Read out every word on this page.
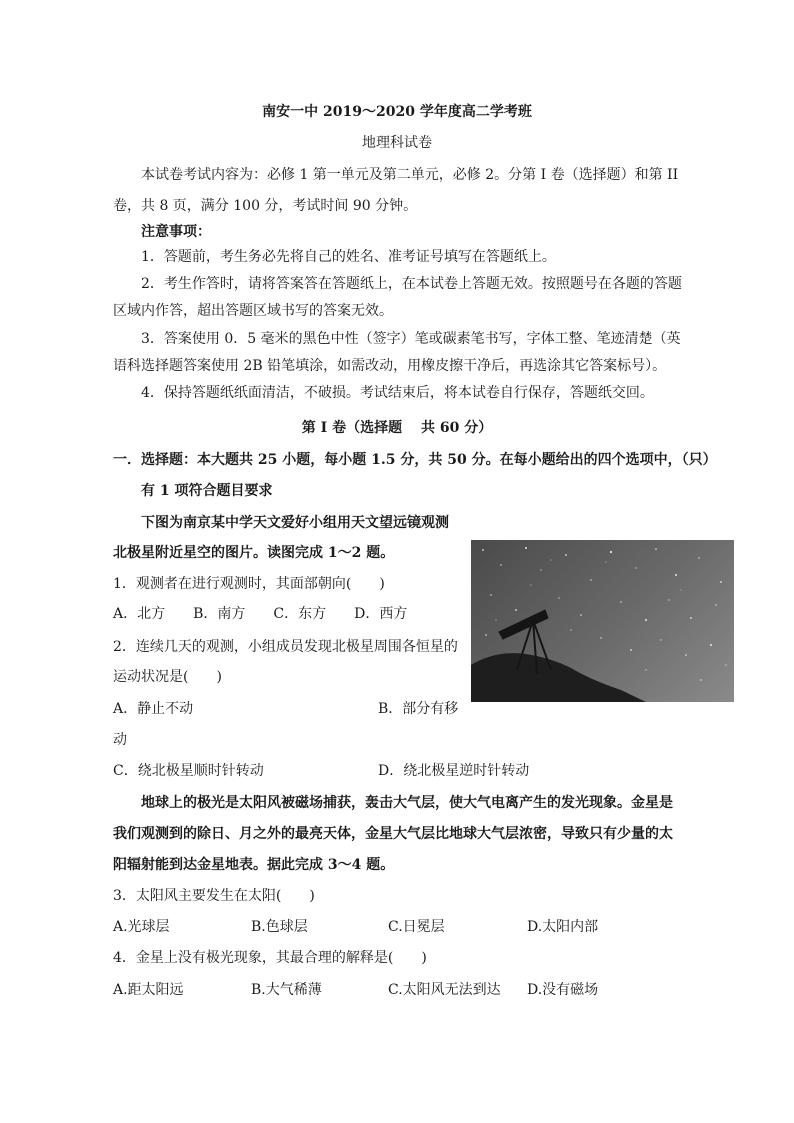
南安一中 2019～2020 学年度高二学考班
地理科试卷
本试卷考试内容为：必修 1 第一单元及第二单元，必修 2。分第 I 卷（选择题）和第 II
卷，共 8 页，满分 100 分，考试时间 90 分钟。
注意事项：
1．答题前，考生务必先将自己的姓名、准考证号填写在答题纸上。
2．考生作答时，请将答案答在答题纸上，在本试卷上答题无效。按照题号在各题的答题
区域内作答，超出答题区域书写的答案无效。
3．答案使用 0．5 毫米的黑色中性（签字）笔或碳素笔书写，字体工整、笔迹清楚（英
语科选择题答案使用 2B 铅笔填涂，如需改动，用橡皮擦干净后，再选涂其它答案标号）。
4．保持答题纸纸面清洁，不破损。考试结束后，将本试卷自行保存，答题纸交回。
第 I 卷（选择题　 共 60 分）
一．选择题：本大题共 25 小题，每小题 1.5 分，共 50 分。在每小题给出的四个选项中，（只）
有 1 项符合题目要求
下图为南京某中学天文爱好小组用天文望远镜观测
北极星附近星空的图片。读图完成 1～2 题。
1．观测者在进行观测时，其面部朝向(　　)
A．北方　　B．南方　　C．东方　　D．西方
2．连续几天的观测，小组成员发现北极星周围各恒星的
运动状况是(　　)
A．静止不动	B．部分有移
动
C．绕北极星顺时针转动	D．绕北极星逆时针转动
地球上的极光是太阳风被磁场捕获，轰击大气层，使大气电离产生的发光现象。金星是
我们观测到的除日、月之外的最亮天体，金星大气层比地球大气层浓密，导致只有少量的太
阳辐射能到达金星地表。据此完成 3～4 题。
3．太阳风主要发生在太阳(　　)
A.光球层	B.色球层	C.日冕层	D.太阳内部
4．金星上没有极光现象，其最合理的解释是(　　)
A.距太阳远	B.大气稀薄	C.太阳风无法到达 D.没有磁场
